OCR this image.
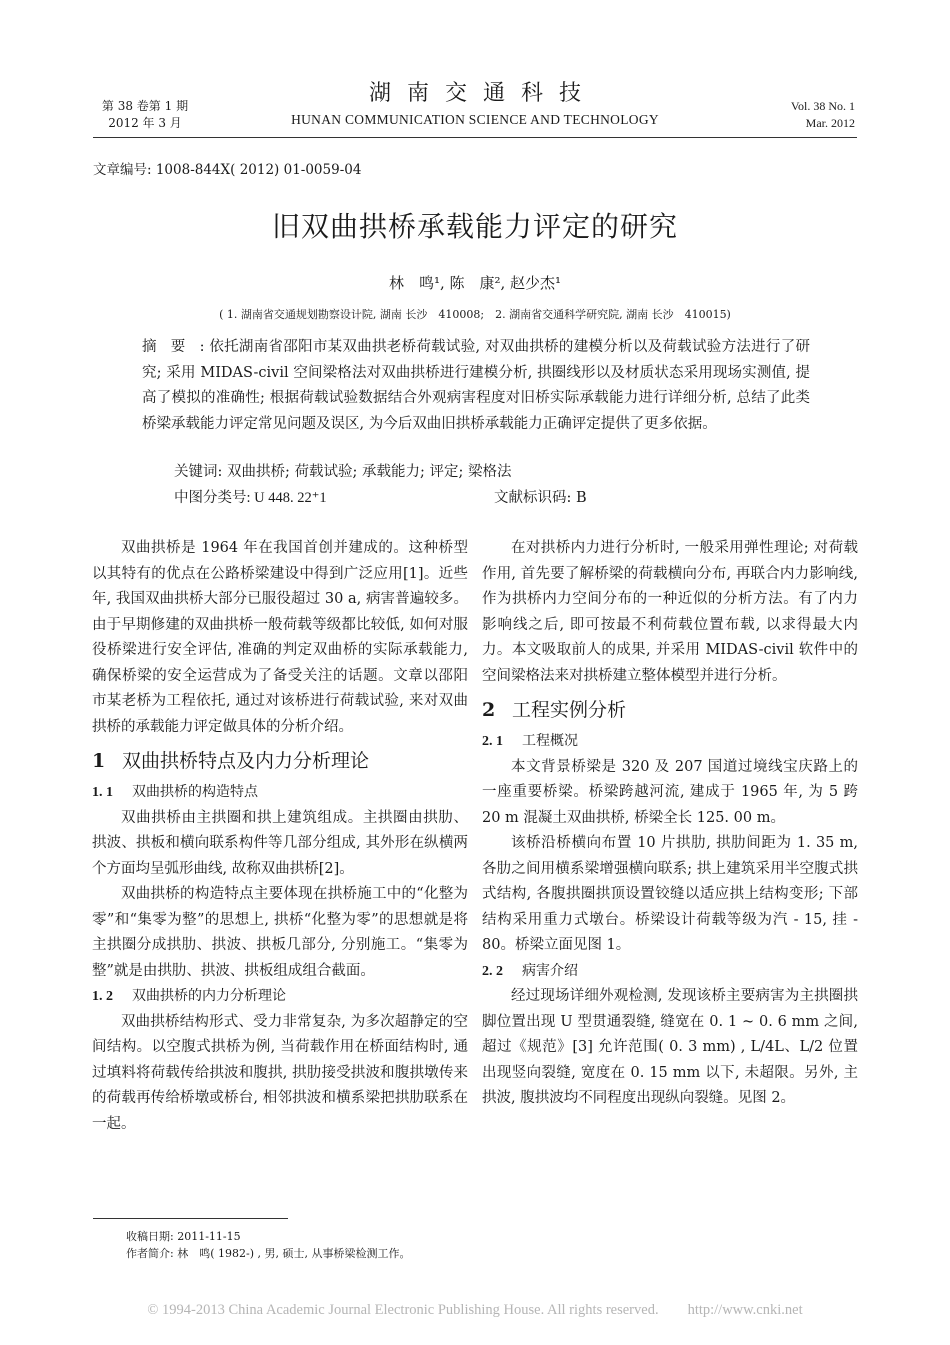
第 38 卷第 1 期
2012 年 3 月
湖南交通科技
HUNAN COMMUNICATION SCIENCE AND TECHNOLOGY
Vol. 38 No. 1
Mar. 2012
文章编号: 1008-844X( 2012) 01-0059-04
旧双曲拱桥承载能力评定的研究
林　鸣¹, 陈　康², 赵少杰¹
( 1. 湖南省交通规划勘察设计院, 湖南 长沙　410008;　2. 湖南省交通科学研究院, 湖南 长沙　410015)
摘要: 依托湖南省邵阳市某双曲拱老桥荷载试验, 对双曲拱桥的建模分析以及荷载试验方法进行了研究; 采用 MIDAS-civil 空间梁格法对双曲拱桥进行建模分析, 拱圈线形以及材质状态采用现场实测值, 提高了模拟的准确性; 根据荷载试验数据结合外观病害程度对旧桥实际承载能力进行详细分析, 总结了此类桥梁承载能力评定常见问题及误区, 为今后双曲旧拱桥承载能力正确评定提供了更多依据。
关键词: 双曲拱桥; 荷载试验; 承载能力; 评定; 梁格法
中图分类号: U 448. 22⁺1	文献标识码: B

双曲拱桥是 1964 年在我国首创并建成的。这种桥型以其特有的优点在公路桥梁建设中得到广泛应用[1]。近些年, 我国双曲拱桥大部分已服役超过 30 a, 病害普遍较多。由于早期修建的双曲拱桥一般荷载等级都比较低, 如何对服役桥梁进行安全评估, 准确的判定双曲桥的实际承载能力, 确保桥梁的安全运营成为了备受关注的话题。文章以邵阳市某老桥为工程依托, 通过对该桥进行荷载试验, 来对双曲拱桥的承载能力评定做具体的分析介绍。

1 双曲拱桥特点及内力分析理论
1. 1 双曲拱桥的构造特点

双曲拱桥由主拱圈和拱上建筑组成。主拱圈由拱肋、拱波、拱板和横向联系构件等几部分组成, 其外形在纵横两个方面均呈弧形曲线, 故称双曲拱桥[2]。

双曲拱桥的构造特点主要体现在拱桥施工中的“化整为零”和“集零为整”的思想上, 拱桥“化整为零”的思想就是将主拱圈分成拱肋、拱波、拱板几部分, 分别施工。“集零为整”就是由拱肋、拱波、拱板组成组合截面。

1. 2 双曲拱桥的内力分析理论

双曲拱桥结构形式、受力非常复杂, 为多次超静定的空间结构。以空腹式拱桥为例, 当荷载作用在桥面结构时, 通过填料将荷载传给拱波和腹拱, 拱肋接受拱波和腹拱墩传来的荷载再传给桥墩或桥台, 相邻拱波和横系梁把拱肋联系在一起。

在对拱桥内力进行分析时, 一般采用弹性理论; 对荷载作用, 首先要了解桥梁的荷载横向分布, 再联合内力影响线, 作为拱桥内力空间分布的一种近似的分析方法。有了内力影响线之后, 即可按最不利荷载位置布载, 以求得最大内力。本文吸取前人的成果, 并采用 MIDAS-civil 软件中的空间梁格法来对拱桥建立整体模型并进行分析。

2 工程实例分析
2. 1 工程概况

本文背景桥梁是 320 及 207 国道过境线宝庆路上的一座重要桥梁。桥梁跨越河流, 建成于 1965 年, 为 5 跨 20 m 混凝土双曲拱桥, 桥梁全长 125. 00 m。

该桥沿桥横向布置 10 片拱肋, 拱肋间距为 1. 35 m, 各肋之间用横系梁增强横向联系; 拱上建筑采用半空腹式拱式结构, 各腹拱圈拱顶设置铰缝以适应拱上结构变形; 下部结构采用重力式墩台。桥梁设计荷载等级为汽 - 15, 挂 - 80。桥梁立面见图 1。

2. 2 病害介绍

经过现场详细外观检测, 发现该桥主要病害为主拱圈拱脚位置出现 U 型贯通裂缝, 缝宽在 0. 1 ~ 0. 6 mm 之间, 超过《规范》[3] 允许范围( 0. 3 mm) , L/4L、L/2 位置出现竖向裂缝, 宽度在 0. 15 mm 以下, 未超限。另外, 主拱波, 腹拱波均不同程度出现纵向裂缝。见图 2。

收稿日期: 2011-11-15
作者简介: 林　鸣( 1982-) , 男, 硕士, 从事桥梁检测工作。
© 1994-2013 China Academic Journal Electronic Publishing House. All rights reserved.　　http://www.cnki.net
